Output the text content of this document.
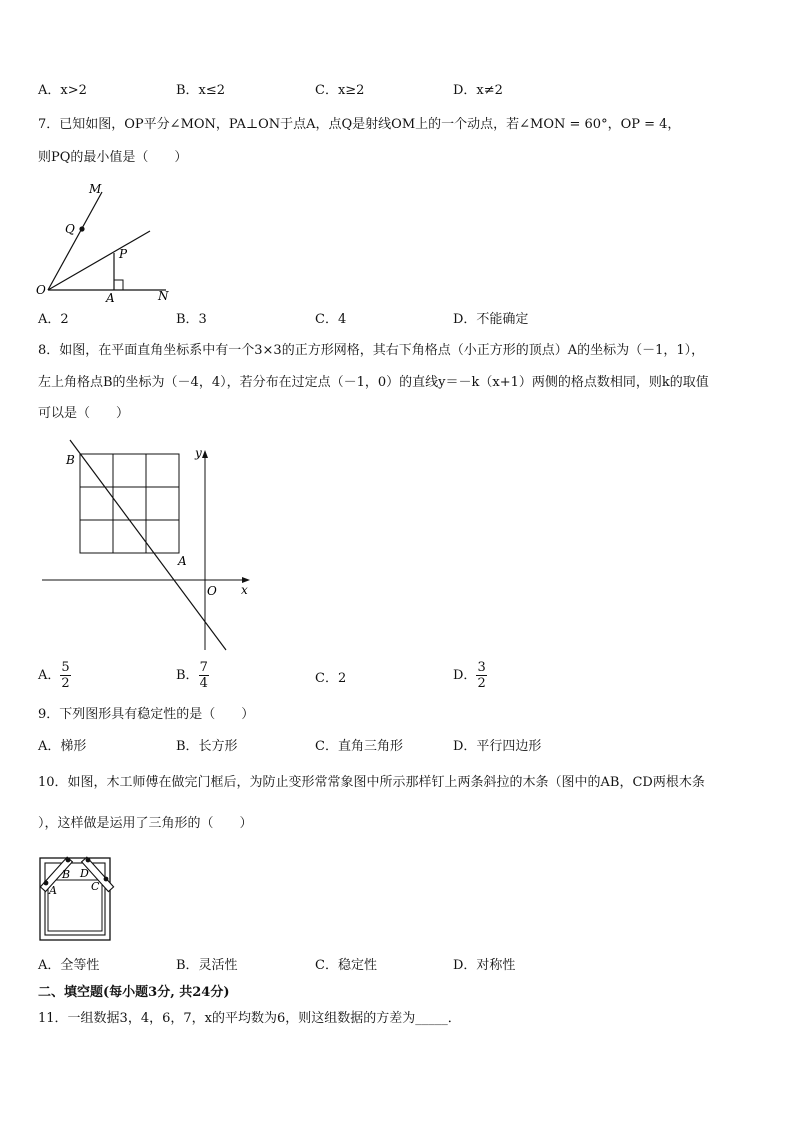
A．x>2	B．x≤2	C．x≥2	D．x≠2
7．已知如图，OP平分∠MON，PA⊥ON于点A，点Q是射线OM上的一个动点，若∠MON = 60°，OP = 4，
则PQ的最小值是（　　）
M
Q
P
O
A	N
A．2	B．3	C．4	D．不能确定
8．如图，在平面直角坐标系中有一个3×3的正方形网格，其右下角格点（小正方形的顶点）A的坐标为（－1，1），
左上角格点B的坐标为（－4，4），若分布在过定点（－1，0）的直线y＝－k（x+1）两侧的格点数相同，则k的取值
可以是（　　）
B
A
y
x
O
A． $\frac{5}{2}$	B． $\frac{7}{4}$	C．2	D． $\frac{3}{2}$
9．下列图形具有稳定性的是（　　）
A．梯形	B．长方形	C．直角三角形	D．平行四边形
10．如图，木工师傅在做完门框后，为防止变形常常象图中所示那样钉上两条斜拉的木条（图中的AB，CD两根木条
），这样做是运用了三角形的（　　）
B D
A	C
A．全等性	B．灵活性	C．稳定性	D．对称性
二、填空题(每小题3分, 共24分)
11．一组数据3，4，6，7，x的平均数为6，则这组数据的方差为_____．
